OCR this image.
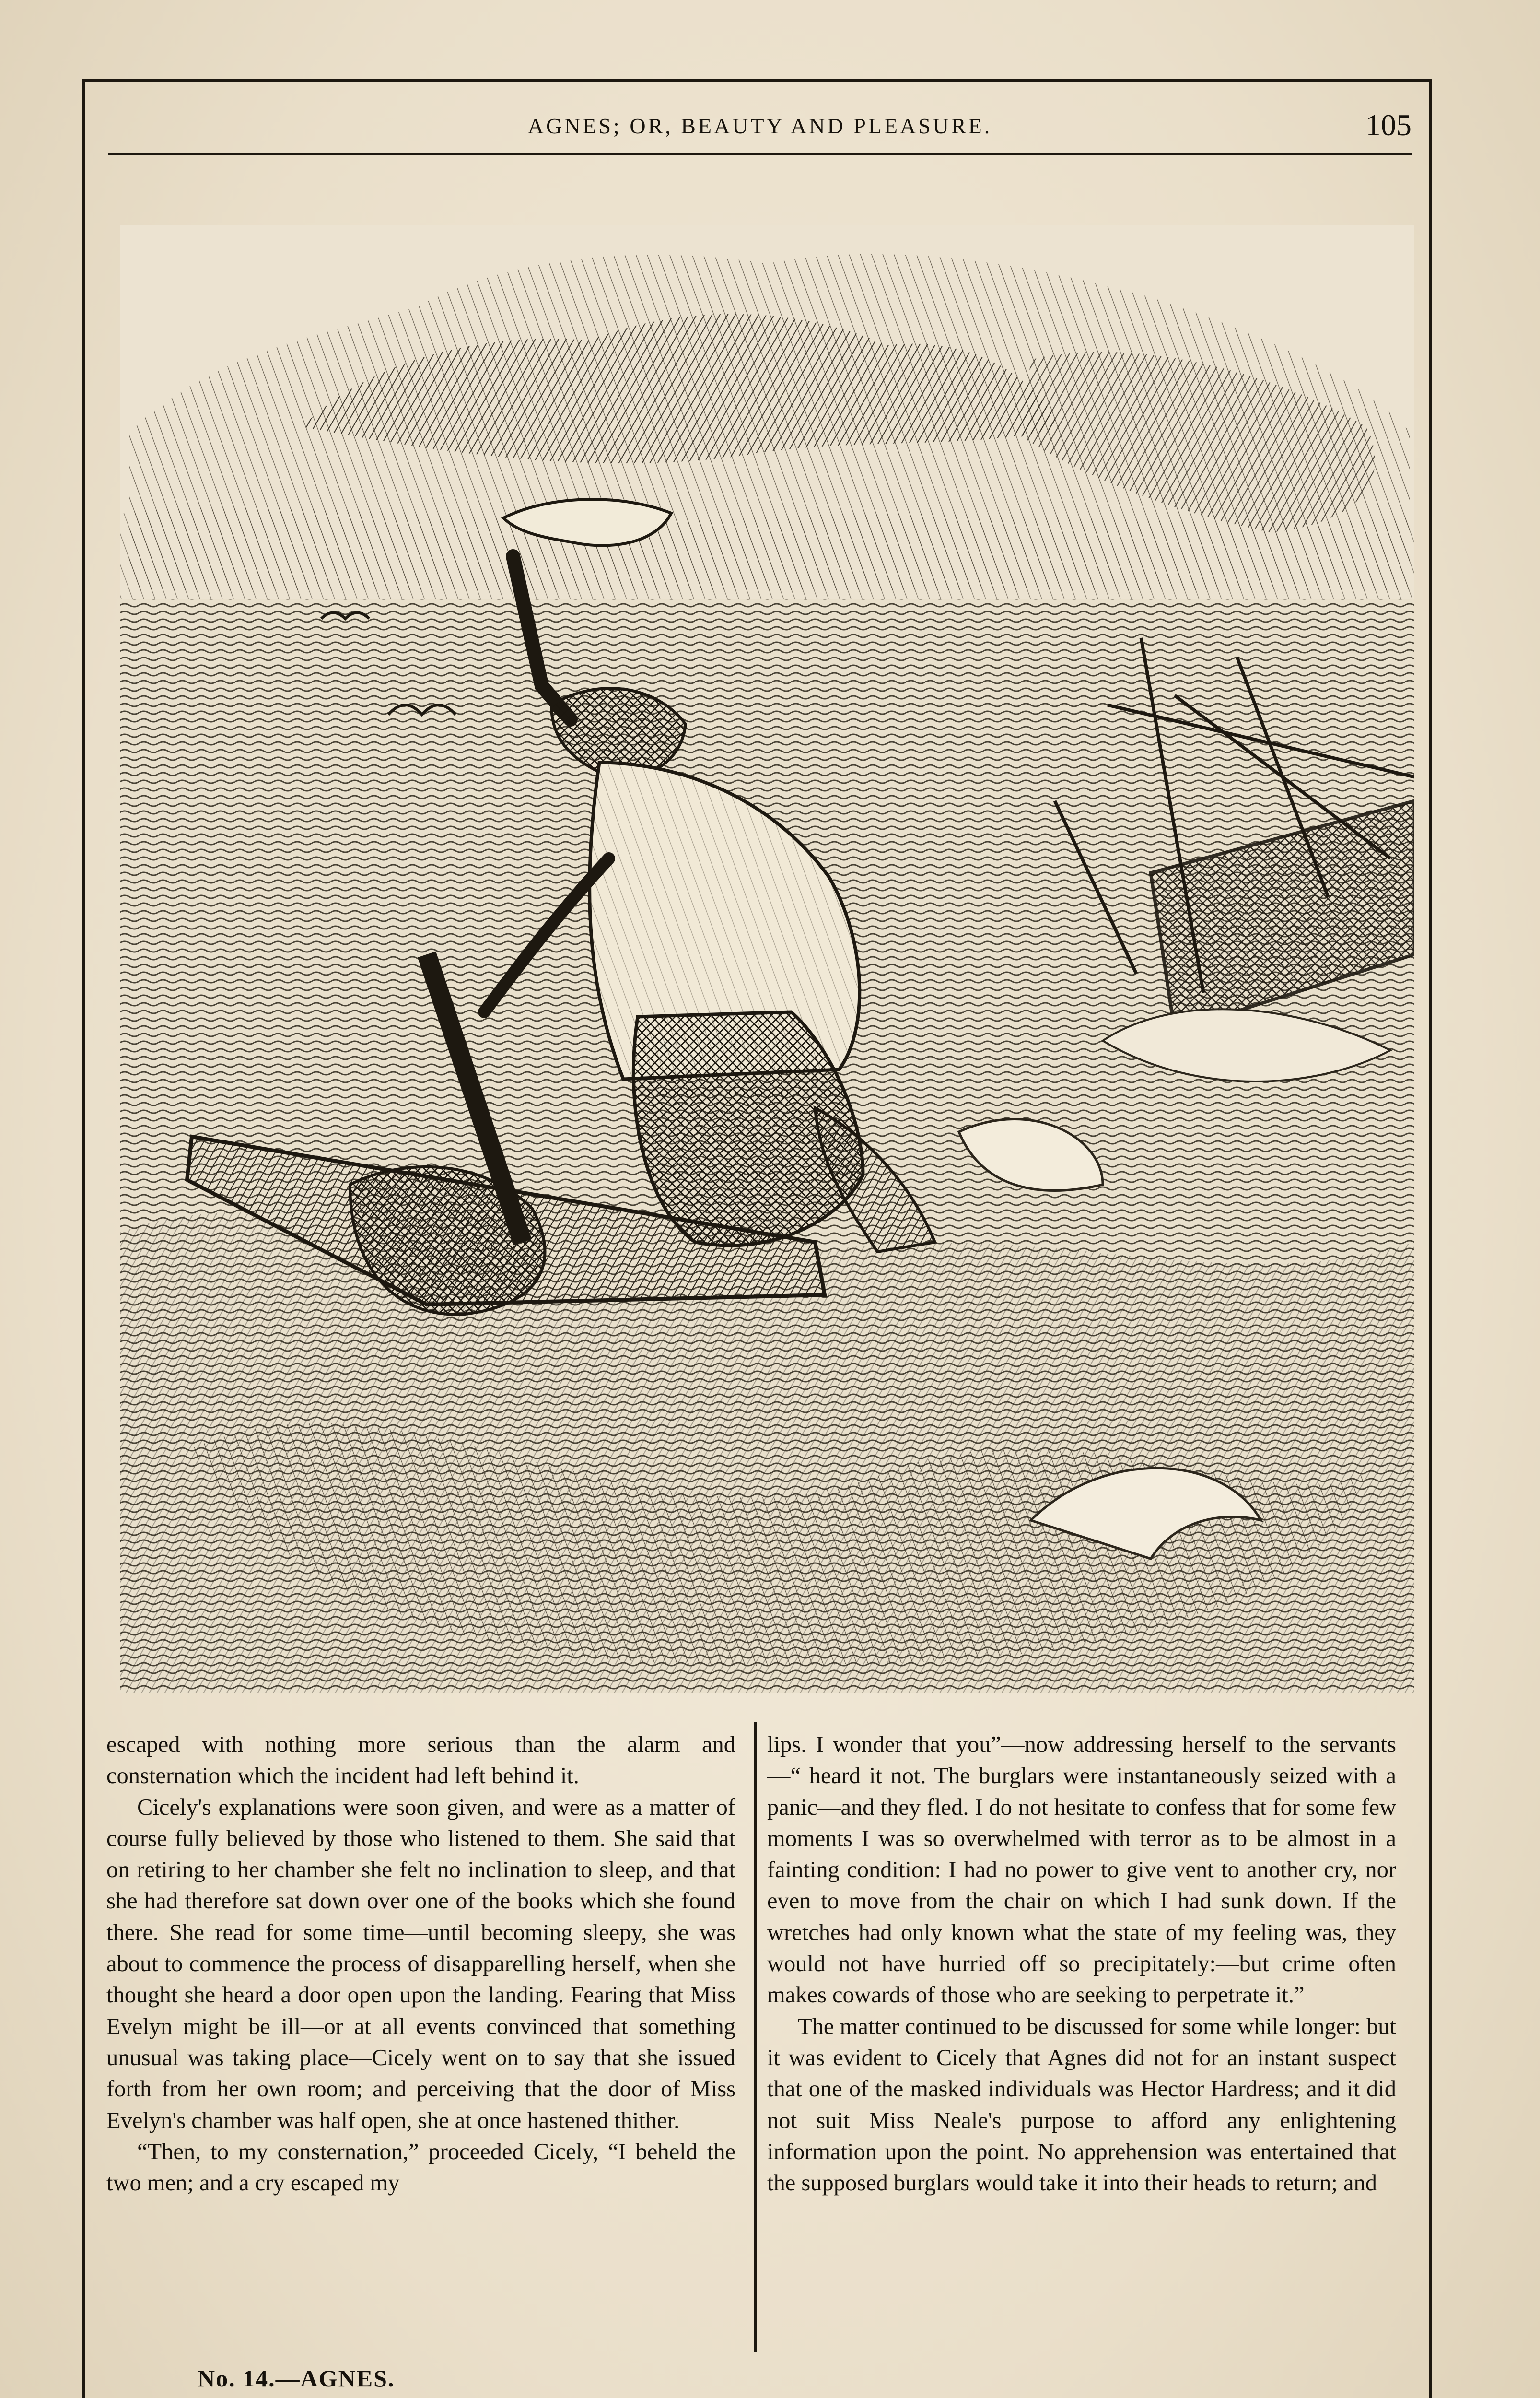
AGNES; OR, BEAUTY AND PLEASURE.	105

escaped with nothing more serious than the alarm and consternation which the incident had left behind it.

Cicely's explanations were soon given, and were as a matter of course fully believed by those who listened to them. She said that on retiring to her chamber she felt no inclination to sleep, and that she had therefore sat down over one of the books which she found there. She read for some time—until becoming sleepy, she was about to commence the process of disapparelling herself, when she thought she heard a door open upon the landing. Fearing that Miss Evelyn might be ill—or at all events convinced that something unusual was taking place—Cicely went on to say that she issued forth from her own room; and perceiving that the door of Miss Evelyn's chamber was half open, she at once hastened thither.

“Then, to my consternation,” proceeded Cicely, “I beheld the two men; and a cry escaped my

lips. I wonder that you”—now addressing herself to the servants—“ heard it not. The burglars were instantaneously seized with a panic—and they fled. I do not hesitate to confess that for some few moments I was so overwhelmed with terror as to be almost in a fainting condition: I had no power to give vent to another cry, nor even to move from the chair on which I had sunk down. If the wretches had only known what the state of my feeling was, they would not have hurried off so precipitately:—but crime often makes cowards of those who are seeking to perpetrate it.”

The matter continued to be discussed for some while longer: but it was evident to Cicely that Agnes did not for an instant suspect that one of the masked individuals was Hector Hardress; and it did not suit Miss Neale's purpose to afford any enlightening information upon the point. No apprehension was entertained that the supposed burglars would take it into their heads to return; and

No. 14.—AGNES.
